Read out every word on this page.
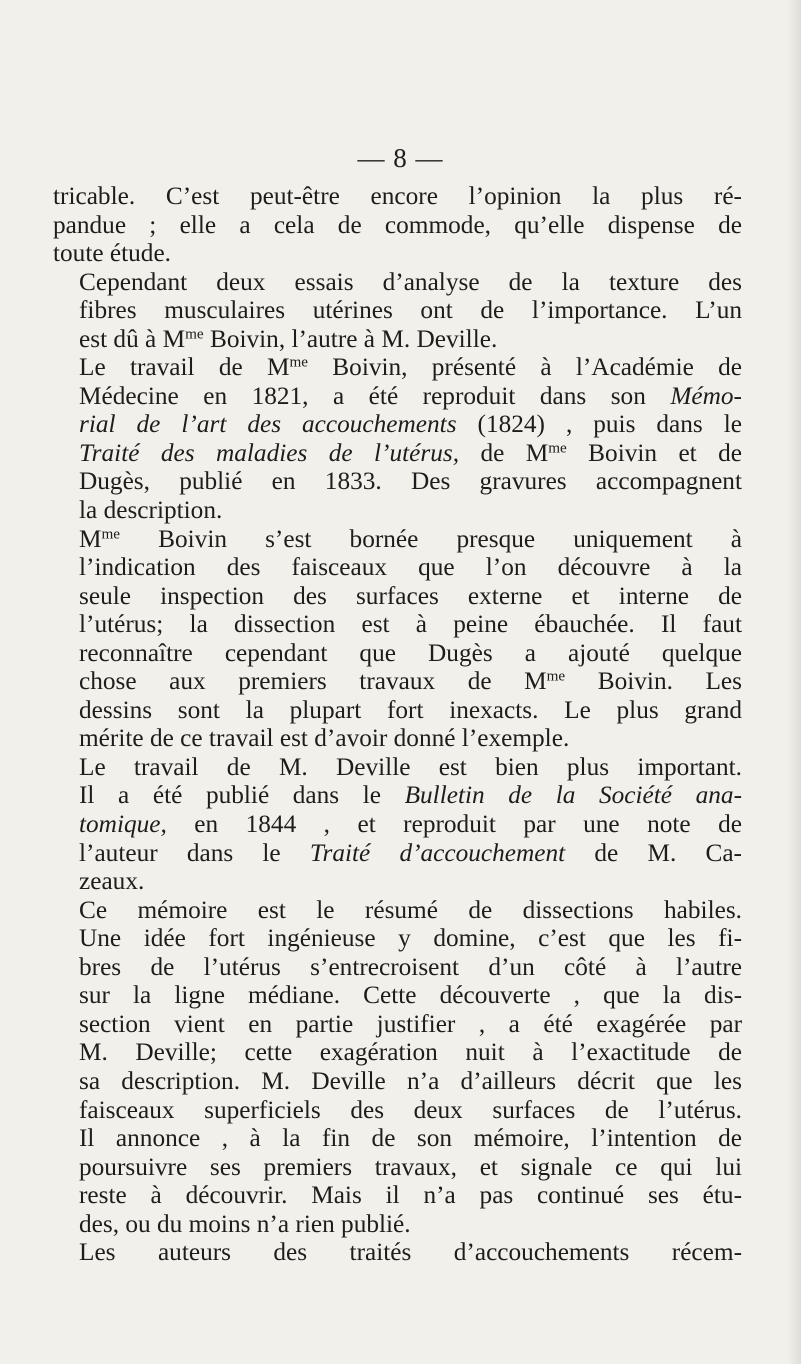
— 8 —

tricable. C’est peut-être encore l’opinion la plus ré-
pandue ; elle a cela de commode, qu’elle dispense de
toute étude.

Cependant deux essais d’analyse de la texture des
fibres musculaires utérines ont de l’importance. L’un
est dû à $M^{me}$ Boivin, l’autre à M. Deville.

Le travail de $M^{me}$ Boivin, présenté à l’Académie de
Médecine en 1821, a été reproduit dans son Mémo-
rial de l’art des accouchements (1824) , puis dans le
Traité des maladies de l’utérus, de $M^{me}$ Boivin et de
Dugès, publié en 1833. Des gravures accompagnent
la description.

$M^{me}$ Boivin s’est bornée presque uniquement à
l’indication des faisceaux que l’on découvre à la
seule inspection des surfaces externe et interne de
l’utérus; la dissection est à peine ébauchée. Il faut
reconnaître cependant que Dugès a ajouté quelque
chose aux premiers travaux de $M^{me}$ Boivin. Les
dessins sont la plupart fort inexacts. Le plus grand
mérite de ce travail est d’avoir donné l’exemple.

Le travail de M. Deville est bien plus important.
Il a été publié dans le Bulletin de la Société ana-
tomique, en 1844 , et reproduit par une note de
l’auteur dans le Traité d’accouchement de M. Ca-
zeaux.

Ce mémoire est le résumé de dissections habiles.
Une idée fort ingénieuse y domine, c’est que les fi-
bres de l’utérus s’entrecroisent d’un côté à l’autre
sur la ligne médiane. Cette découverte , que la dis-
section vient en partie justifier , a été exagérée par
M. Deville; cette exagération nuit à l’exactitude de
sa description. M. Deville n’a d’ailleurs décrit que les
faisceaux superficiels des deux surfaces de l’utérus.
Il annonce , à la fin de son mémoire, l’intention de
poursuivre ses premiers travaux, et signale ce qui lui
reste à découvrir. Mais il n’a pas continué ses étu-
des, ou du moins n’a rien publié.

Les auteurs des traités d’accouchements récem-
